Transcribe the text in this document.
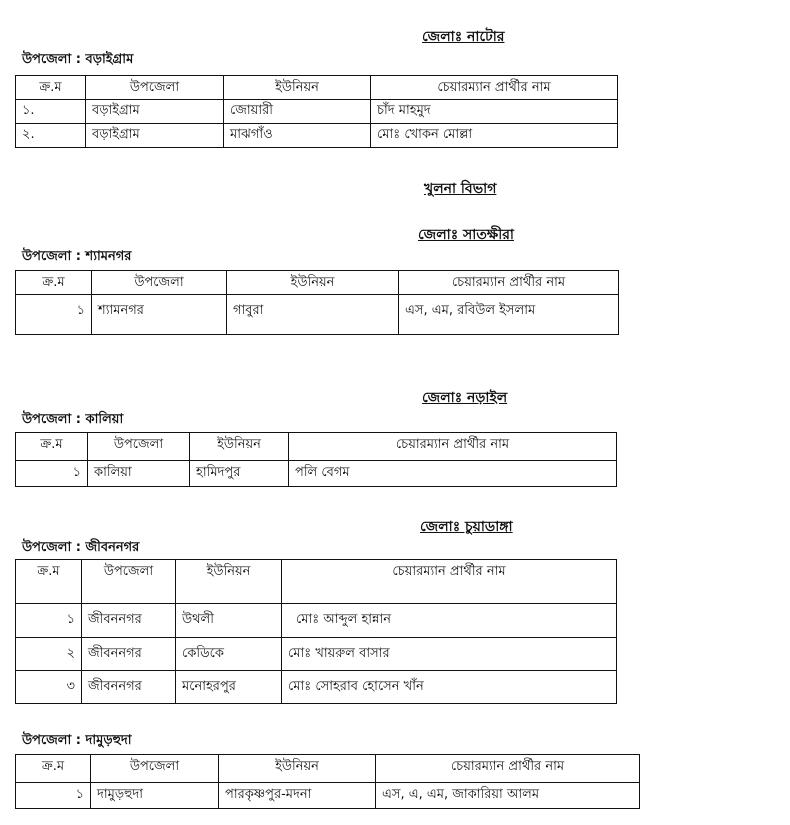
জেলাঃ নাটোর
উপজেলা : বড়াইগ্রাম
ক্র.ম	উপজেলা	ইউনিয়ন	চেয়ারম্যান প্রার্থীর নাম
১.	বড়াইগ্রাম	জোয়ারী	চাঁদ মাহমুদ
২.	বড়াইগ্রাম	মাঝগাঁও	মোঃ খোকন মোল্লা
খুলনা বিভাগ
জেলাঃ সাতক্ষীরা
উপজেলা : শ্যামনগর
ক্র.ম	উপজেলা	ইউনিয়ন	চেয়ারম্যান প্রার্থীর নাম
১	শ্যামনগর	গাবুরা	এস, এম, রবিউল ইসলাম
জেলাঃ নড়াইল
উপজেলা : কালিয়া
ক্র.ম	উপজেলা	ইউনিয়ন	চেয়ারম্যান প্রার্থীর নাম
১	কালিয়া	হামিদপুর	পলি বেগম
জেলাঃ চুয়াডাঙ্গা
উপজেলা : জীবননগর
ক্র.ম	উপজেলা	ইউনিয়ন	চেয়ারম্যান প্রার্থীর নাম
১	জীবননগর	উথলী	মোঃ আব্দুল হান্নান
২	জীবননগর	কেডিকে	মোঃ খায়রুল বাসার
৩	জীবননগর	মনোহরপুর	মোঃ সোহরাব হোসেন খাঁন
উপজেলা : দামুড়হুদা
ক্র.ম	উপজেলা	ইউনিয়ন	চেয়ারম্যান প্রার্থীর নাম
১	দামুড়হুদা	পারকৃষ্ণপুর-মদনা	এস, এ, এম, জাকারিয়া আলম
